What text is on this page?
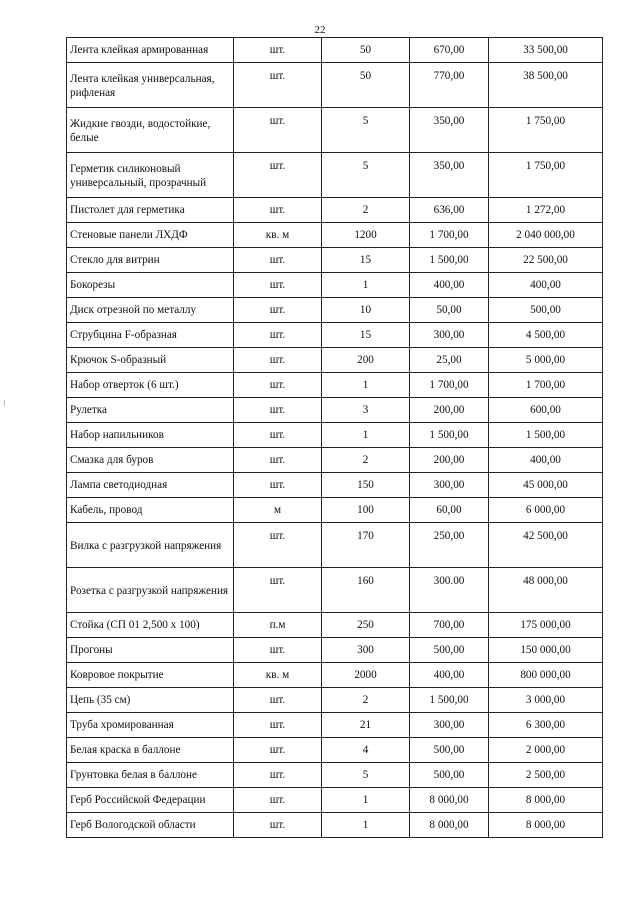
22
Лента клейкая армированная	шт.	50	670,00	33 500,00
Лента клейкая универсальная, рифленая	шт.	50	770,00	38 500,00
Жидкие гвозди, водостойкие, белые	шт.	5	350,00	1 750,00
Герметик силиконовый универсальный, прозрачный	шт.	5	350,00	1 750,00
Пистолет для герметика	шт.	2	636,00	1 272,00
Стеновые панели ЛХДФ	кв. м	1200	1 700,00	2 040 000,00
Стекло для витрин	шт.	15	1 500,00	22 500,00
Бокорезы	шт.	1	400,00	400,00
Диск отрезной по металлу	шт.	10	50,00	500,00
Струбцина F-образная	шт.	15	300,00	4 500,00
Крючок S-образный	шт.	200	25,00	5 000,00
Набор отверток (6 шт.)	шт.	1	1 700,00	1 700,00
Рулетка	шт.	3	200,00	600,00
Набор напильников	шт.	1	1 500,00	1 500,00
Смазка для буров	шт.	2	200,00	400,00
Лампа светодиодная	шт.	150	300,00	45 000,00
Кабель, провод	м	100	60,00	6 000,00
Вилка с разгрузкой напряжения	шт.	170	250,00	42 500,00
Розетка с разгрузкой напряжения	шт.	160	300.00	48 000,00
Стойка (СП 01 2,500 х 100)	п.м	250	700,00	175 000,00
Прогоны	шт.	300	500,00	150 000,00
Ковровое покрытие	кв. м	2000	400,00	800 000,00
Цепь (35 см)	шт.	2	1 500,00	3 000,00
Труба хромированная	шт.	21	300,00	6 300,00
Белая краска в баллоне	шт.	4	500,00	2 000,00
Грунтовка белая в баллоне	шт.	5	500,00	2 500,00
Герб Российской Федерации	шт.	1	8 000,00	8 000,00
Герб Вологодской области	шт.	1	8 000,00	8 000,00
